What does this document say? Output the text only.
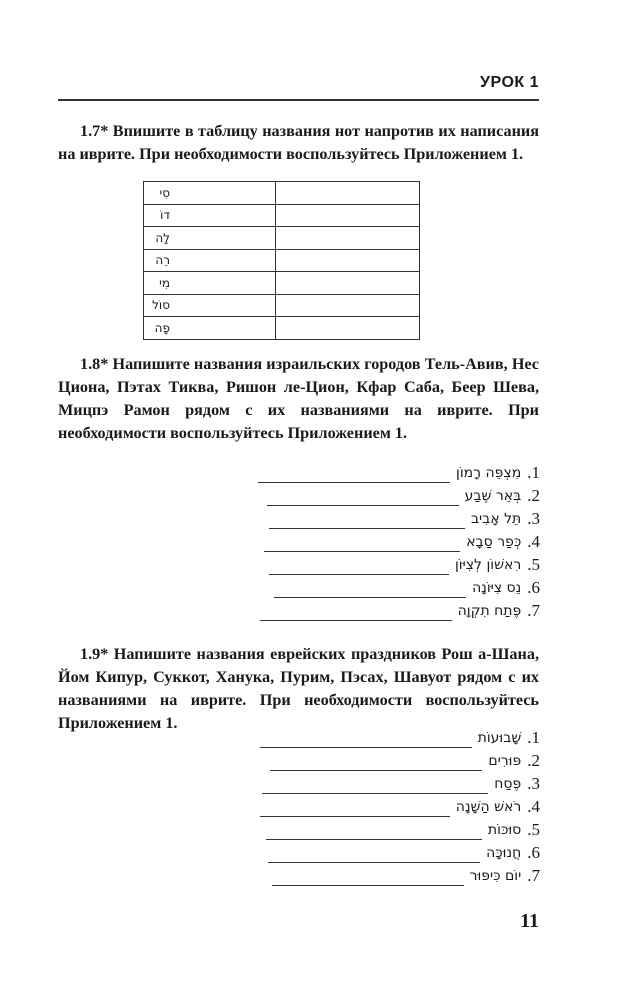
УРОК 1
1.7* Впишите в таблицу названия нот напротив их написания на иврите. При необходимости воспользуйтесь Приложением 1.
סִי	
דוֹ	
לָה	
רֵה	
מִי	
סוֹל	
פָה	
1.8* Напишите названия израильских городов Тель-Авив, Нес Циона, Пэтах Тиква, Ришон ле-Цион, Кфар Саба, Беер Шева, Мицпэ Рамон рядом с их названиями на иврите. При необходимости воспользуйтесь Приложением 1.
מִצְפֵּה רָמוֹן 1.
בְּאֵר שֶׁבַע 2.
תֵּל אָבִיב 3.
כְּפַר סַבָא 4.
רִאשׁוֹן לְצִיּוֹן 5.
נֵס צִיּוֹנָה 6.
פֶּתַח תִקְוָה 7.
1.9* Напишите названия еврейских праздников Рош а-Шана, Йом Кипур, Суккот, Ханука, Пурим, Пэсах, Шавуот рядом с их названиями на иврите. При необходимости воспользуйтесь Приложением 1.
שָׁבוּעוֹת 1.
פּוּרִים 2.
פֶּסַח 3.
רֹאשׁ הַשָּׁנָה 4.
סוּכּוֹת 5.
חֲנוּכָּה 6.
יוֹם כִּיפּוּר 7.
11
